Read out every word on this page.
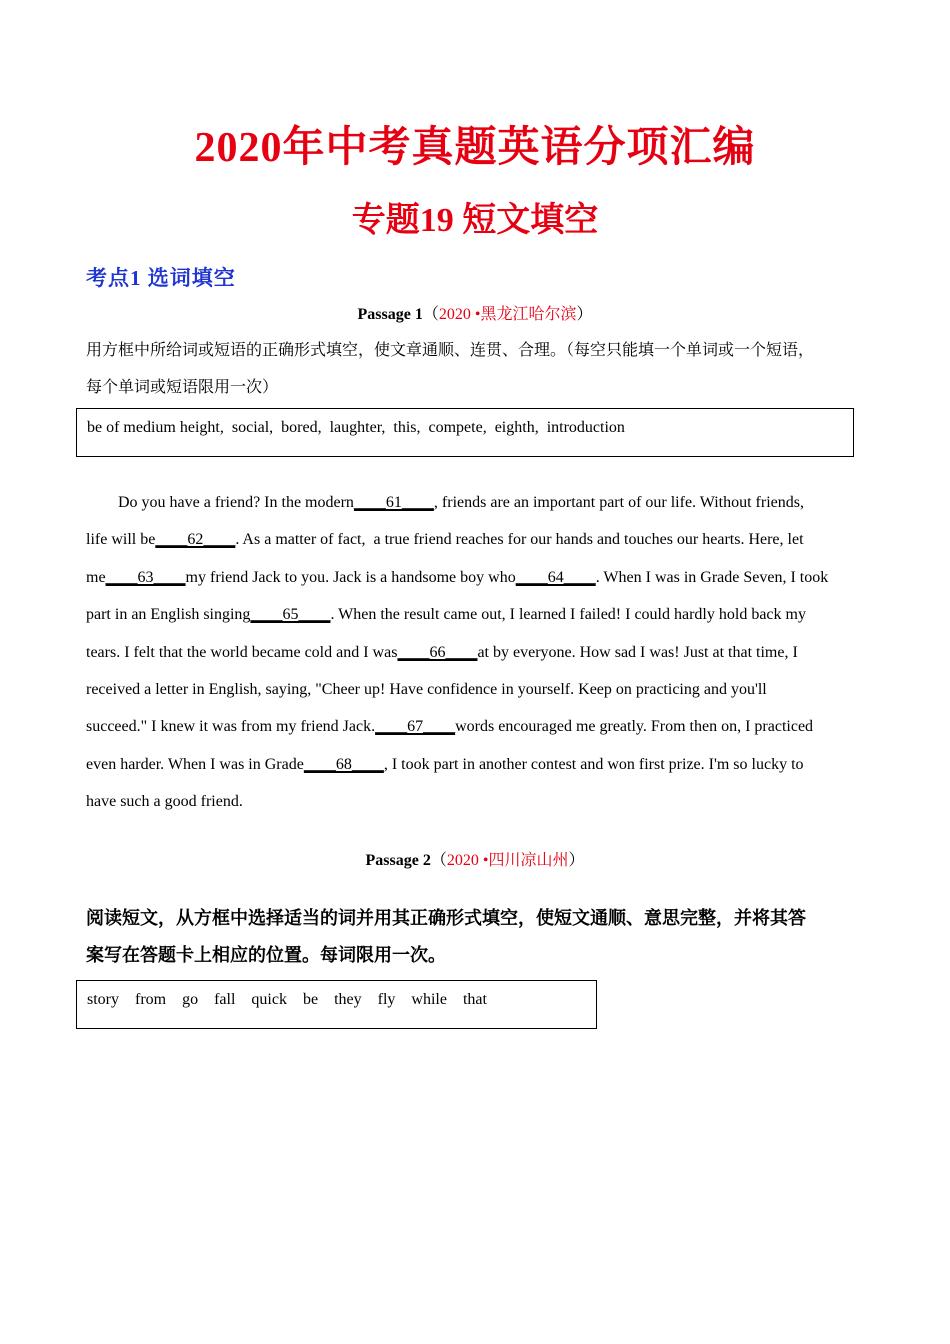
2020年中考真题英语分项汇编
专题19 短文填空
考点1 选词填空
Passage 1（2020 •黑龙江哈尔滨）
用方框中所给词或短语的正确形式填空，使文章通顺、连贯、合理。（每空只能填一个单词或一个短语，
每个单词或短语限用一次）
be of medium height,  social,  bored,  laughter,  this,  compete,  eighth,  introduction
Do you have a friend? In the modern____61____, friends are an important part of our life. Without friends,
life will be____62____. As a matter of fact,  a true friend reaches for our hands and touches our hearts. Here, let
me____63____my friend Jack to you. Jack is a handsome boy who____64____. When I was in Grade Seven, I took
part in an English singing____65____. When the result came out, I learned I failed! I could hardly hold back my
tears. I felt that the world became cold and I was____66____at by everyone. How sad I was! Just at that time, I
received a letter in English, saying, "Cheer up! Have confidence in yourself. Keep on practicing and you'll
succeed." I knew it was from my friend Jack.____67____words encouraged me greatly. From then on, I practiced
even harder. When I was in Grade____68____, I took part in another contest and won first prize. I'm so lucky to
have such a good friend.
Passage 2（2020 •四川凉山州）
阅读短文，从方框中选择适当的词并用其正确形式填空，使短文通顺、意思完整，并将其答
案写在答题卡上相应的位置。每词限用一次。
story    from    go    fall    quick    be    they    fly    while    that
